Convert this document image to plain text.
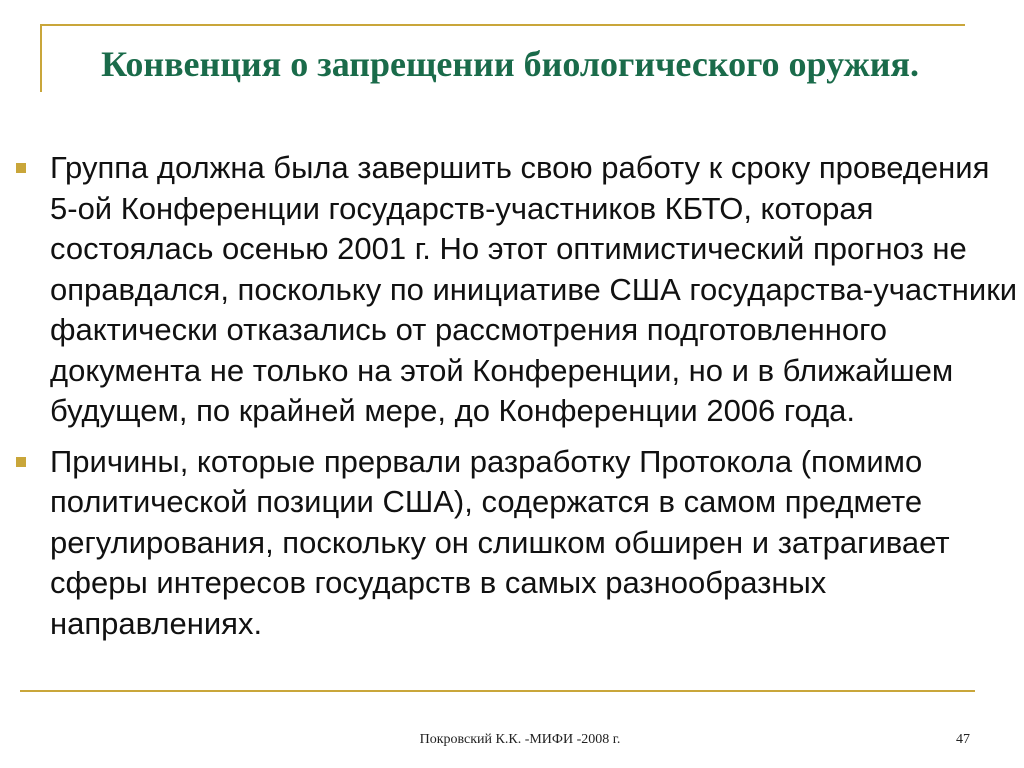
Конвенция о запрещении биологического оружия.
Группа должна была завершить свою работу к сроку проведения 5-ой Конференции государств-участников КБТО, которая состоялась осенью 2001 г. Но этот оптимистический прогноз не оправдался, поскольку по инициативе США государства-участники фактически отказались от рассмотрения подготовленного документа не только на этой Конференции, но и в ближайшем будущем, по крайней мере, до Конференции 2006 года.
Причины, которые прервали разработку Протокола (помимо политической позиции США), содержатся в самом предмете регулирования, поскольку он слишком обширен и затрагивает сферы интересов государств в самых разнообразных направлениях.
Покровский К.К. -МИФИ -2008 г.	47
